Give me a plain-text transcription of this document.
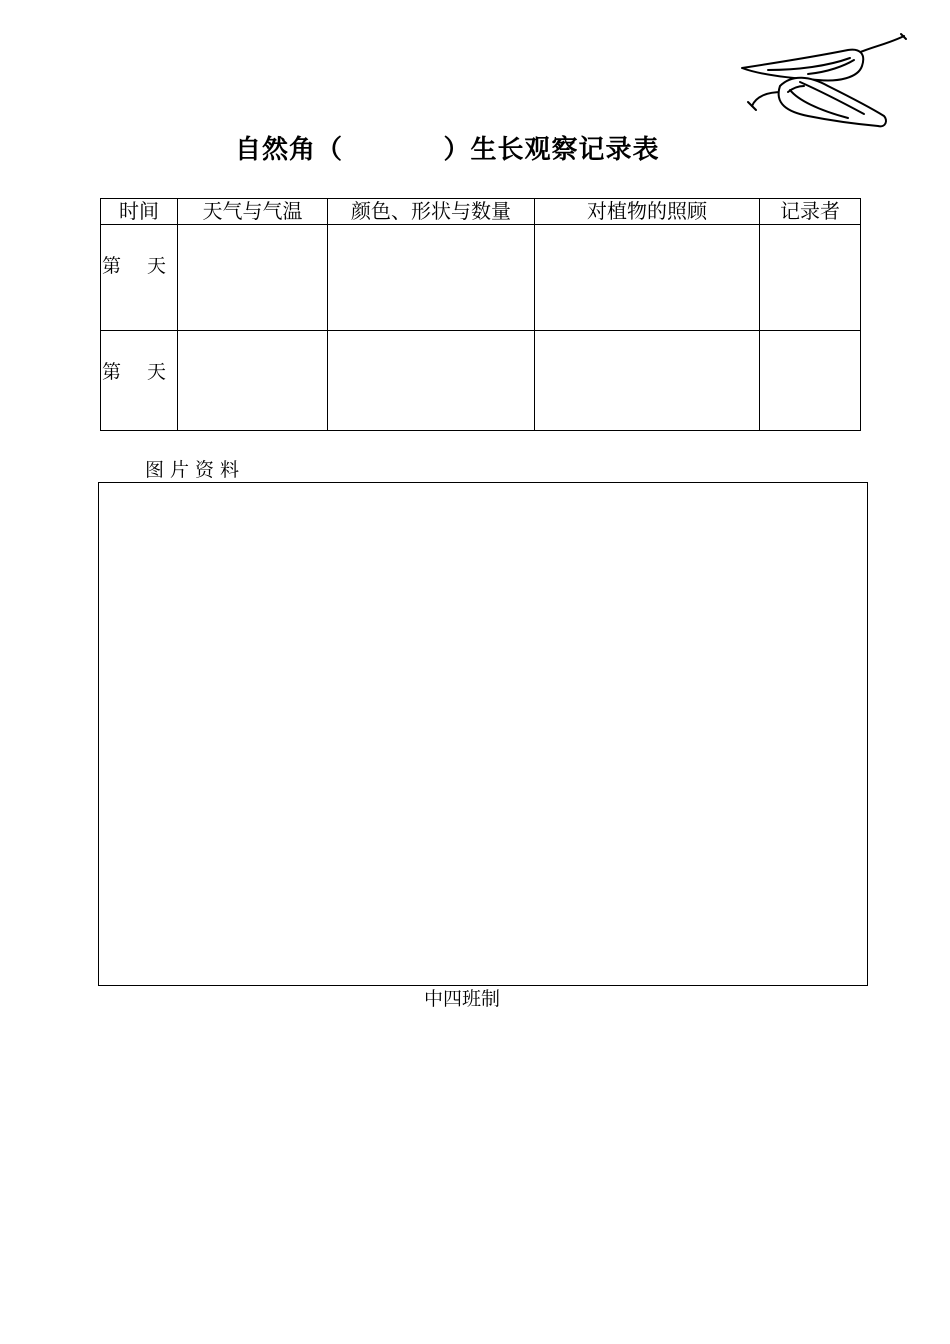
自然角（          ）生长观察记录表
时间	天气与气温	颜色、形状与数量	对植物的照顾	记录者
第 天				
第 天				
图片资料
中四班制
